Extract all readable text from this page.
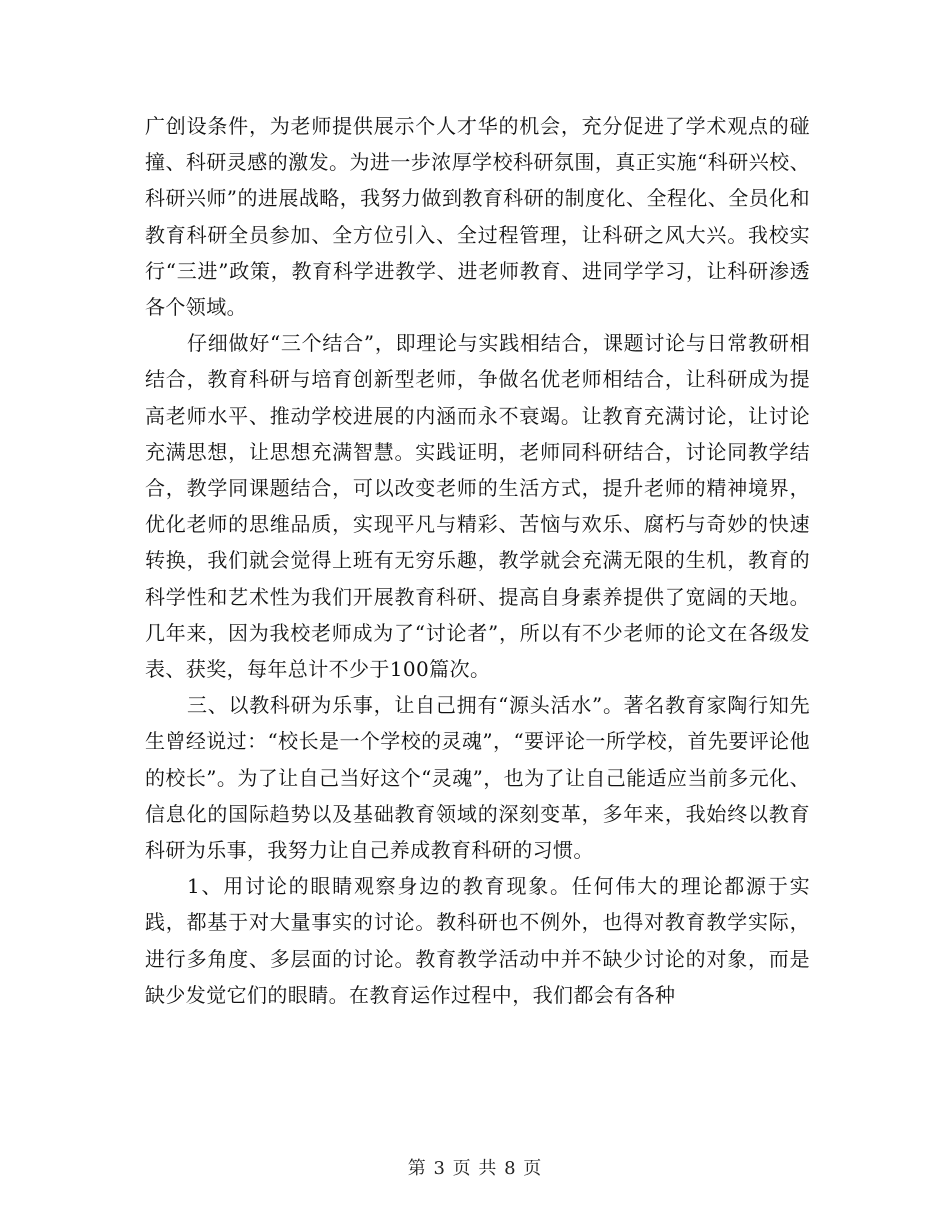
广创设条件，为老师提供展示个人才华的机会，充分促进了学术观点的碰撞、科研灵感的激发。为进一步浓厚学校科研氛围，真正实施“科研兴校、科研兴师”的进展战略，我努力做到教育科研的制度化、全程化、全员化和教育科研全员参加、全方位引入、全过程管理，让科研之风大兴。我校实行“三进”政策，教育科学进教学、进老师教育、进同学学习，让科研渗透各个领域。

仔细做好“三个结合”，即理论与实践相结合，课题讨论与日常教研相结合，教育科研与培育创新型老师，争做名优老师相结合，让科研成为提高老师水平、推动学校进展的内涵而永不衰竭。让教育充满讨论，让讨论充满思想，让思想充满智慧。实践证明，老师同科研结合，讨论同教学结合，教学同课题结合，可以改变老师的生活方式，提升老师的精神境界，优化老师的思维品质，实现平凡与精彩、苦恼与欢乐、腐朽与奇妙的快速转换，我们就会觉得上班有无穷乐趣，教学就会充满无限的生机，教育的科学性和艺术性为我们开展教育科研、提高自身素养提供了宽阔的天地。几年来，因为我校老师成为了“讨论者”，所以有不少老师的论文在各级发表、获奖，每年总计不少于100篇次。

三、以教科研为乐事，让自己拥有“源头活水”。著名教育家陶行知先生曾经说过：“校长是一个学校的灵魂”，“要评论一所学校，首先要评论他的校长”。为了让自己当好这个“灵魂”，也为了让自己能适应当前多元化、信息化的国际趋势以及基础教育领域的深刻变革，多年来，我始终以教育科研为乐事，我努力让自己养成教育科研的习惯。

1、用讨论的眼睛观察身边的教育现象。任何伟大的理论都源于实践，都基于对大量事实的讨论。教科研也不例外，也得对教育教学实际，进行多角度、多层面的讨论。教育教学活动中并不缺少讨论的对象，而是缺少发觉它们的眼睛。在教育运作过程中，我们都会有各种

第 3 页 共 8 页
